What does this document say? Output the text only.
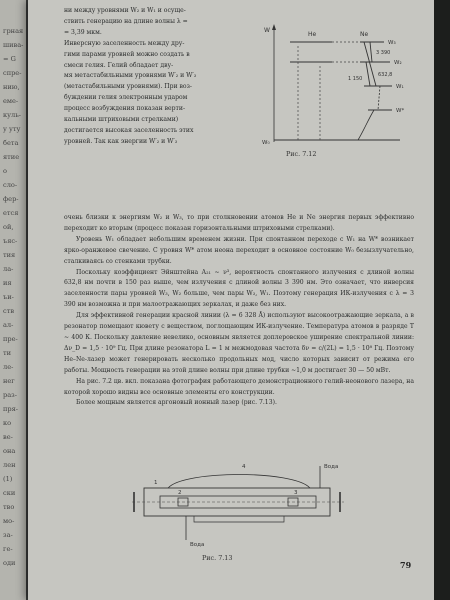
грная

шива-

= G

спре-

нию,

еме-

куль-

у уту

бета

ятие

о

сло-

фер-

ется

ой,

ъяс-

тия

ла-

ия

ъи-

ств

ал-

пре-

ти

ле-

нег

раз-

пря-

ко

ве-

она

лен

(1)

ски

тво

мо-

за-

ге-

оди

ни между уровнями W₂ и W₁ и осуще-

ствить генерацию на длине волны λ =

= 3,39 мкм.

Инверсную заселенность между дру-

гими парами уровней можно создать в

смеси гелия. Гелий обладает дву-

мя метастабильными уровнями W′₂ и W′₃

(метастабильными уровнями). При воз-

буждении гелия электронным ударом

процесс возбуждения показан верти-

кальными штриховыми стрелками)

достигается высокая заселенность этих

уровней. Так как энергии W′₂ и W′₃

W
He	Ne
W₃
W₂
W₁
W*
W₀
3 390
632,8
1 150
Рис. 7.12

очень близки к энергиям W₂ и W₃, то при столкновении атомов He и Ne энергия первых эффективно переходит ко вторым (процесс показан горизонтальными штриховыми стрелками).

Уровень W₁ обладает небольшим временем жизни. При спонтанном переходе с W₁ на W* возникает ярко-оранжевое свечение. С уровня W* атом неона переходит в основное состояние W₀ безызлучательно, сталкиваясь со стенками трубки.

Поскольку коэффициент Эйнштейна A₂₁ ~ ν³, вероятность спонтанного излучения с длиной волны 632,8 нм почти в 150 раз выше, чем излучения с длиной волны 3 390 нм. Это означает, что инверсия заселенности пары уровней W₃, W₂ больше, чем пары W₃, W₁. Поэтому генерация ИК-излучения с λ = 3 390 нм возможна и при малоотражающих зеркалах, и даже без них.

Для эффективной генерации красной линии (λ = 6 328 Å) используют высокоотражающие зеркала, а в резонатор помещают кювету с веществом, поглощающим ИК-излучение. Температура атомов в разряде T ~ 400 К. Поскольку давление невелико, основным является доплеровское уширение спектральной линии: Δν_D = 1,5 · 10⁹ Гц. При длине резонатора L = 1 м межмодовая частота δν = c/(2L) = 1,5 · 10⁸ Гц. Поэтому He–Ne-лазер может генерировать несколько продольных мод, число которых зависит от режима его работы. Мощность генерации на этой длине волны при длине трубки ~1,0 м достигает 30 — 50 мВт.

На рис. 7.2 цв. вкл. показана фотография работающего демонстрационного гелий-неонового лазера, на которой хорошо видны все основные элементы его конструкции.

Более мощным является аргоновый ионный лазер (рис. 7.13).

Вода
Вода
1
2	3
4
Рис. 7.13
79
